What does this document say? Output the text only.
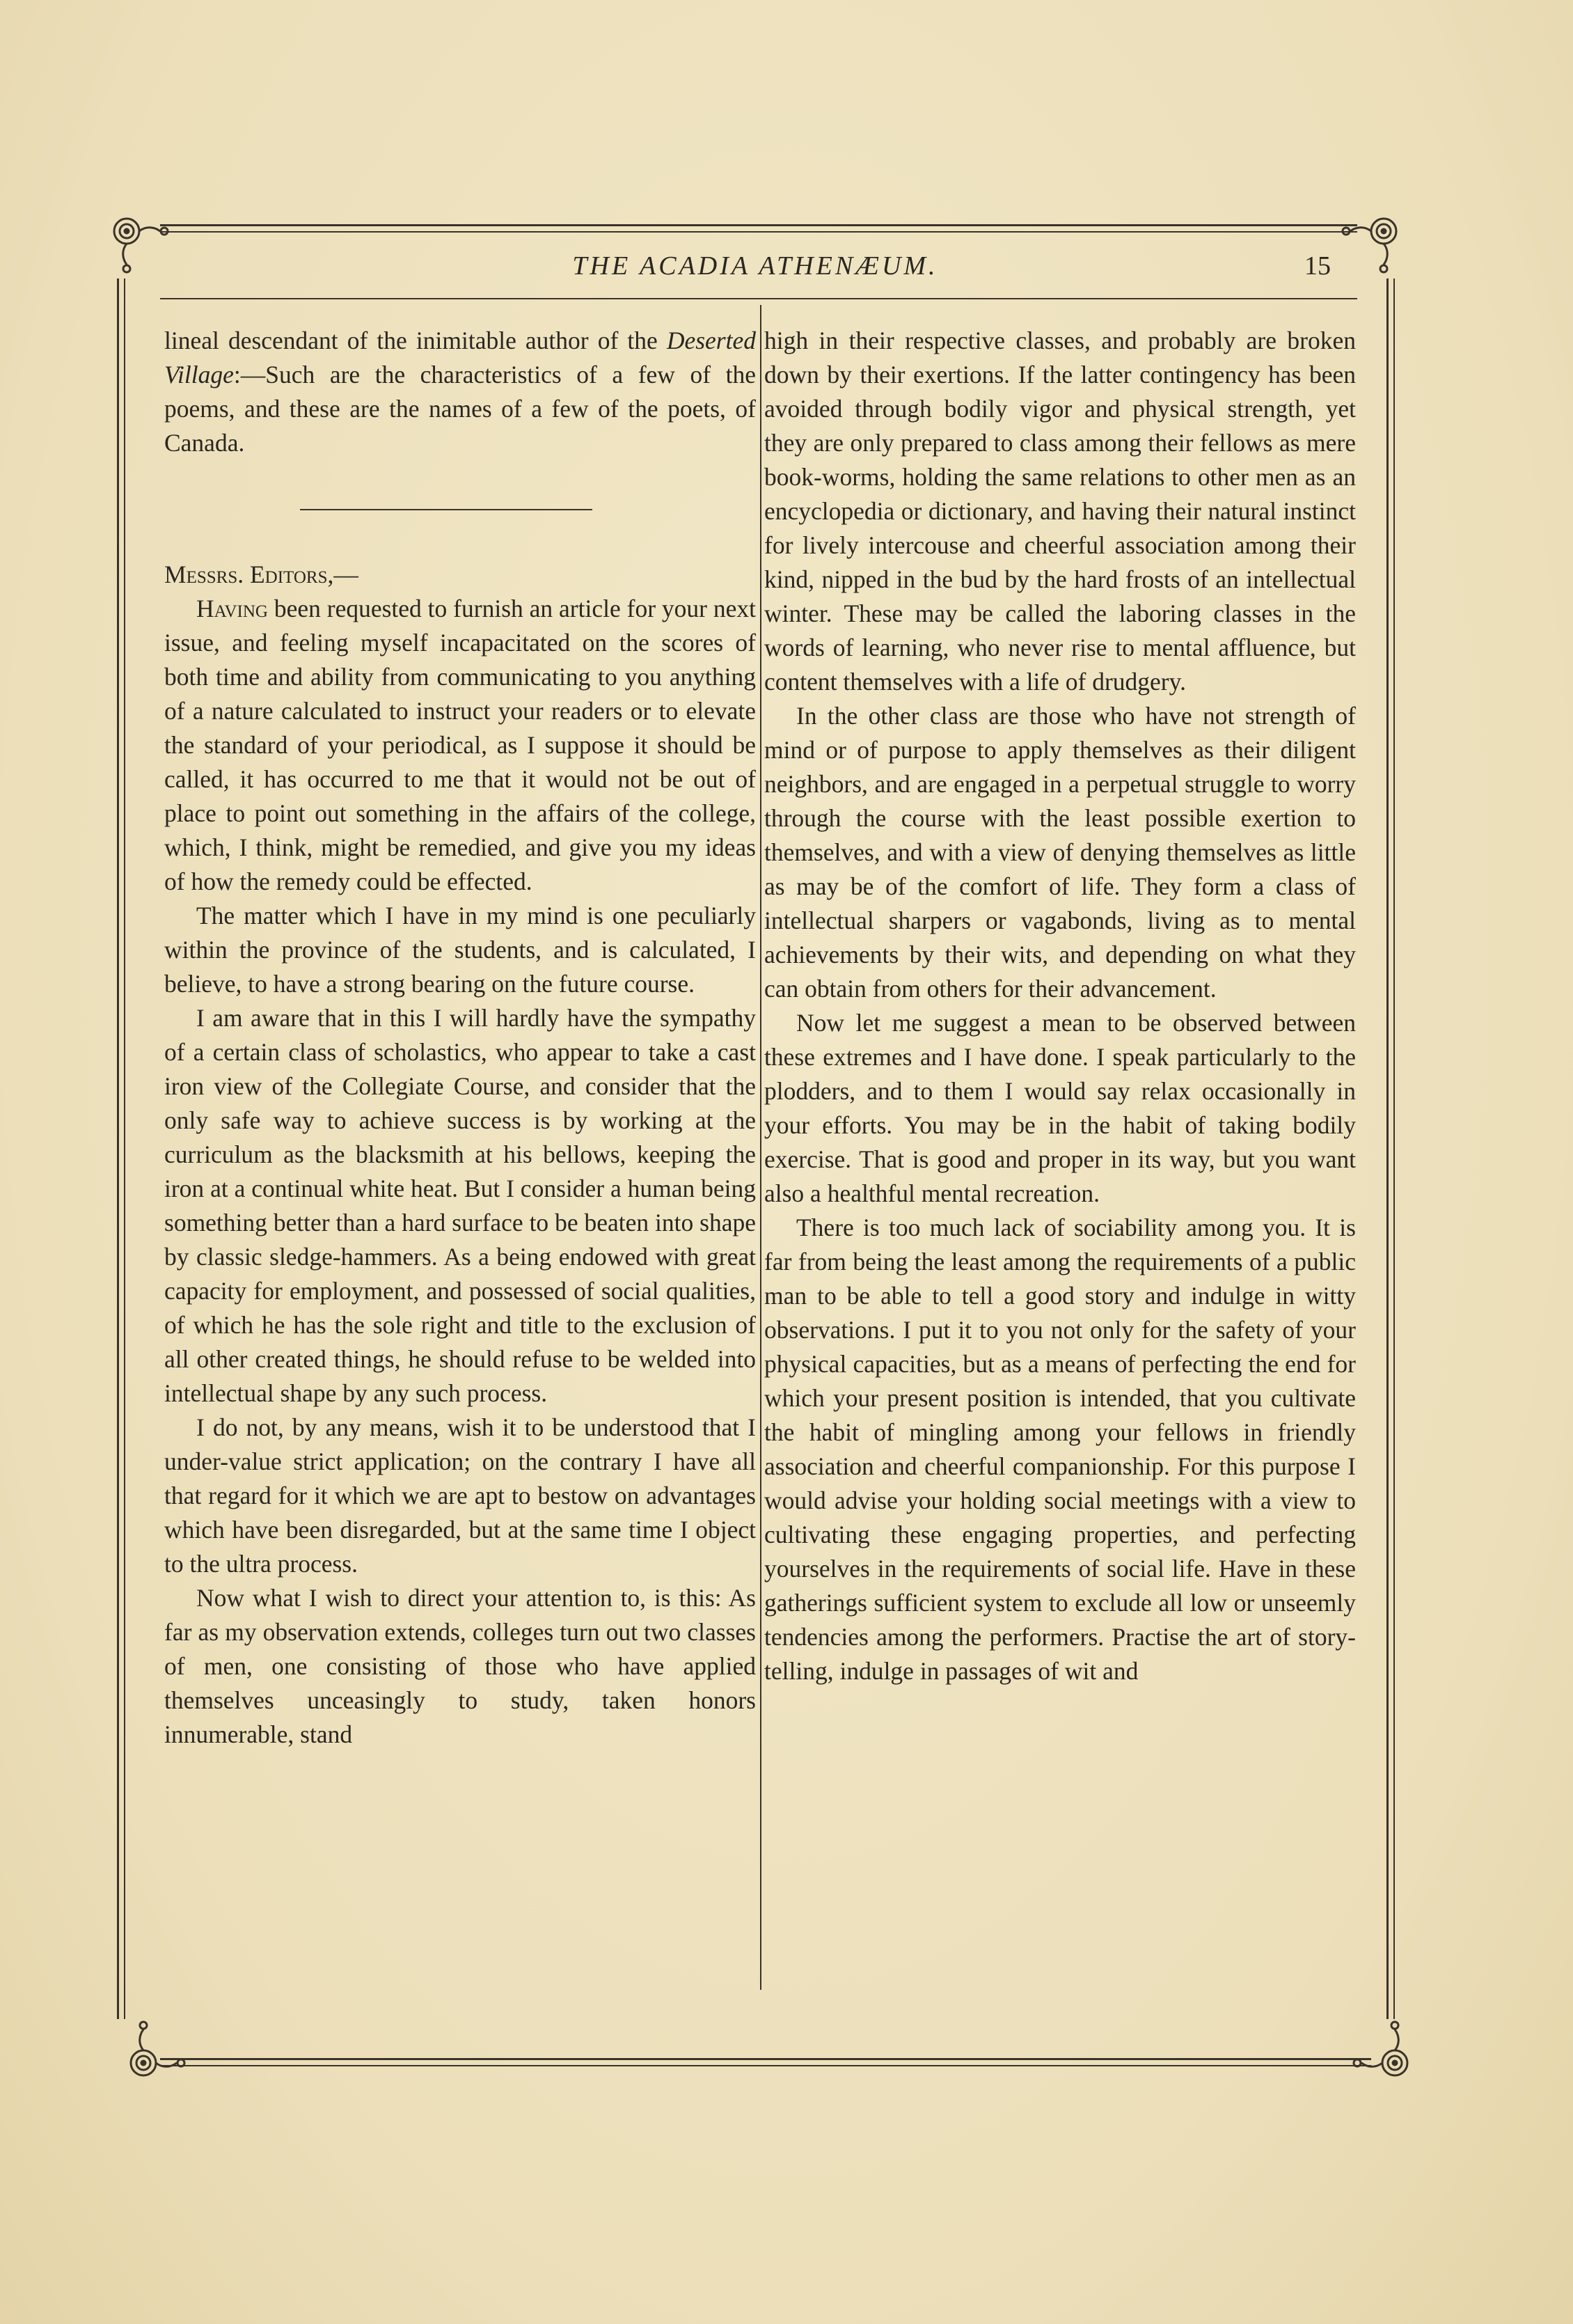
THE ACADIA ATHENÆUM.	15

lineal descendant of the inimitable author of the Deserted Village:—Such are the characteristics of a few of the poems, and these are the names of a few of the poets, of Canada.

Messrs. Editors,—

Having been requested to furnish an article for your next issue, and feeling myself incapacitated on the scores of both time and ability from communicating to you anything of a nature calculated to instruct your readers or to elevate the standard of your periodical, as I suppose it should be called, it has occurred to me that it would not be out of place to point out something in the affairs of the college, which, I think, might be remedied, and give you my ideas of how the remedy could be effected.

The matter which I have in my mind is one peculiarly within the province of the students, and is calculated, I believe, to have a strong bearing on the future course.

I am aware that in this I will hardly have the sympathy of a certain class of scholastics, who appear to take a cast iron view of the Collegiate Course, and consider that the only safe way to achieve success is by working at the curriculum as the blacksmith at his bellows, keeping the iron at a continual white heat. But I consider a human being something better than a hard surface to be beaten into shape by classic sledge-hammers. As a being endowed with great capacity for employment, and possessed of social qualities, of which he has the sole right and title to the exclusion of all other created things, he should refuse to be welded into intellectual shape by any such process.

I do not, by any means, wish it to be understood that I under-value strict application; on the contrary I have all that regard for it which we are apt to bestow on advantages which have been disregarded, but at the same time I object to the ultra process.

Now what I wish to direct your attention to, is this: As far as my observation extends, colleges turn out two classes of men, one consisting of those who have applied themselves unceasingly to study, taken honors innumerable, stand

high in their respective classes, and probably are broken down by their exertions. If the latter contingency has been avoided through bodily vigor and physical strength, yet they are only prepared to class among their fellows as mere book-worms, holding the same relations to other men as an encyclopedia or dictionary, and having their natural instinct for lively intercouse and cheerful association among their kind, nipped in the bud by the hard frosts of an intellectual winter. These may be called the laboring classes in the words of learning, who never rise to mental affluence, but content themselves with a life of drudgery.

In the other class are those who have not strength of mind or of purpose to apply themselves as their diligent neighbors, and are engaged in a perpetual struggle to worry through the course with the least possible exertion to themselves, and with a view of denying themselves as little as may be of the comfort of life. They form a class of intellectual sharpers or vagabonds, living as to mental achievements by their wits, and depending on what they can obtain from others for their advancement.

Now let me suggest a mean to be observed between these extremes and I have done. I speak particularly to the plodders, and to them I would say relax occasionally in your efforts. You may be in the habit of taking bodily exercise. That is good and proper in its way, but you want also a healthful mental recreation.

There is too much lack of sociability among you. It is far from being the least among the requirements of a public man to be able to tell a good story and indulge in witty observations. I put it to you not only for the safety of your physical capacities, but as a means of perfecting the end for which your present position is intended, that you cultivate the habit of mingling among your fellows in friendly association and cheerful companionship. For this purpose I would advise your holding social meetings with a view to cultivating these engaging properties, and perfecting yourselves in the requirements of social life. Have in these gatherings sufficient system to exclude all low or unseemly tendencies among the performers. Practise the art of story-telling, indulge in passages of wit and
